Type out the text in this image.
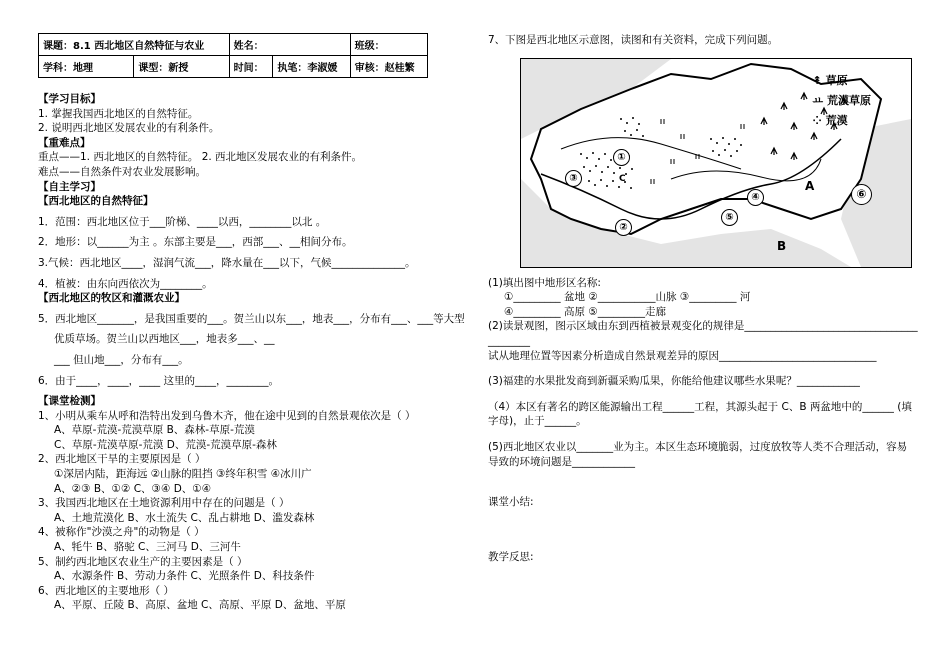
课题：8.1 西北地区自然特征与农业		姓名：		班级：
学科：地理	课型：新授	时间：	执笔：李淑媛	审核：赵桂繁
【学习目标】
1. 掌握我国西北地区的自然特征。
2. 说明西北地区发展农业的有利条件。
【重难点】
重点——1. 西北地区的自然特征。 2. 西北地区发展农业的有利条件。
难点——自然条件对农业发展影响。
【自主学习】
【西北地区的自然特征】
1．范围：西北地区位于___阶梯、____以西，________以北 。
2．地形：以______为主 。东部主要是___，西部___、__相间分布。
3.气候：西北地区____，湿润气流___，降水量在___以下，气候______________。
4．植被：由东向西依次为________。
【西北地区的牧区和灌溉农业】
5．西北地区_______，是我国重要的___。贺兰山以东___，地表___，分布有___、___等大型
优质草场。贺兰山以西地区___，地表多___、__
___ 但山地___，分布有___。
6．由于____，____，____ 这里的____，________。
【课堂检测】
1、小明从乘车从呼和浩特出发到乌鲁木齐，他在途中见到的自然景观依次是（ ）
A、草原-荒漠-荒漠草原 B、森林-草原-荒漠
C、草原-荒漠草原-荒漠 D、荒漠-荒漠草原-森林
2、西北地区干旱的主要原因是（ ）
①深居内陆，距海远 ②山脉的阻挡 ③终年积雪 ④冰川广
A、②③ B、①② C、③④ D、①④
3、我国西北地区在土地资源利用中存在的问题是（ ）
A、土地荒漠化 B、水土流失 C、乱占耕地 D、滥发森林
4、被称作"沙漠之舟"的动物是（ ）
A、牦牛 B、骆驼 C、三河马 D、三河牛
5、制约西北地区农业生产的主要因素是（ ）
A、水源条件 B、劳动力条件 C、光照条件 D、科技条件
6、西北地区的主要地形（ ）
A、平原、丘陵 B、高原、盆地 C、高原、平原 D、盆地、平原
7、下图是西北地区示意图，读图和有关资料，完成下列问题。
↟ 草原
ㅛ 荒漠草原
⁘ 荒漠
A
B
C
①
②
③
④
⑤
⑥
(1)填出图中地形区名称:
①_________ 盆地 ②___________山脉 ③_________ 河
④_________ 高原 ⑤_________走廊
(2)读景观图，图示区域由东到西植被景观变化的规律是_________________________________
________
试从地理位置等因素分析造成自然景观差异的原因______________________________
(3)福建的水果批发商到新疆采购瓜果，你能给他建议哪些水果呢？____________
（4）本区有著名的跨区能源输出工程______工程，其源头起于 C、B 两盆地中的______ (填
字母)，止于______。
(5)西北地区农业以_______业为主。本区生态环境脆弱，过度放牧等人类不合理活动，容易
导致的环境问题是____________
课堂小结:
教学反思:
